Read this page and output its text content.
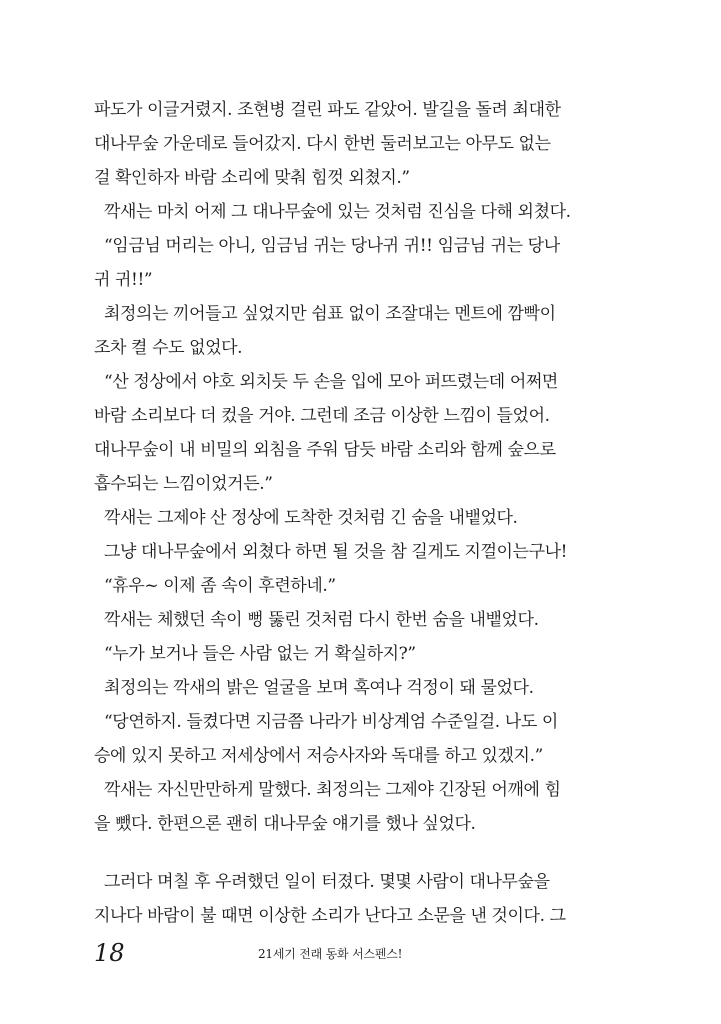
파도가 이글거렸지. 조현병 걸린 파도 같았어. 발길을 돌려 최대한
대나무숲 가운데로 들어갔지. 다시 한번 둘러보고는 아무도 없는
걸 확인하자 바람 소리에 맞춰 힘껏 외쳤지.”
깍새는 마치 어제 그 대나무숲에 있는 것처럼 진심을 다해 외쳤다.
“임금님 머리는 아니, 임금님 귀는 당나귀 귀!! 임금님 귀는 당나
귀 귀!!”
최정의는 끼어들고 싶었지만 쉼표 없이 조잘대는 멘트에 깜빡이
조차 켤 수도 없었다.
“산 정상에서 야호 외치듯 두 손을 입에 모아 퍼뜨렸는데 어쩌면
바람 소리보다 더 컸을 거야. 그런데 조금 이상한 느낌이 들었어.
대나무숲이 내 비밀의 외침을 주워 담듯 바람 소리와 함께 숲으로
흡수되는 느낌이었거든.”
깍새는 그제야 산 정상에 도착한 것처럼 긴 숨을 내뱉었다.
그냥 대나무숲에서 외쳤다 하면 될 것을 참 길게도 지껄이는구나!
“휴우~ 이제 좀 속이 후련하네.”
깍새는 체했던 속이 뻥 뚫린 것처럼 다시 한번 숨을 내뱉었다.
“누가 보거나 들은 사람 없는 거 확실하지?”
최정의는 깍새의 밝은 얼굴을 보며 혹여나 걱정이 돼 물었다.
“당연하지. 들켰다면 지금쯤 나라가 비상계엄 수준일걸. 나도 이
승에 있지 못하고 저세상에서 저승사자와 독대를 하고 있겠지.”
깍새는 자신만만하게 말했다. 최정의는 그제야 긴장된 어깨에 힘
을 뺐다. 한편으론 괜히 대나무숲 얘기를 했나 싶었다.
그러다 며칠 후 우려했던 일이 터졌다. 몇몇 사람이 대나무숲을
지나다 바람이 불 때면 이상한 소리가 난다고 소문을 낸 것이다. 그
18	21세기 전래 동화 서스펜스!
